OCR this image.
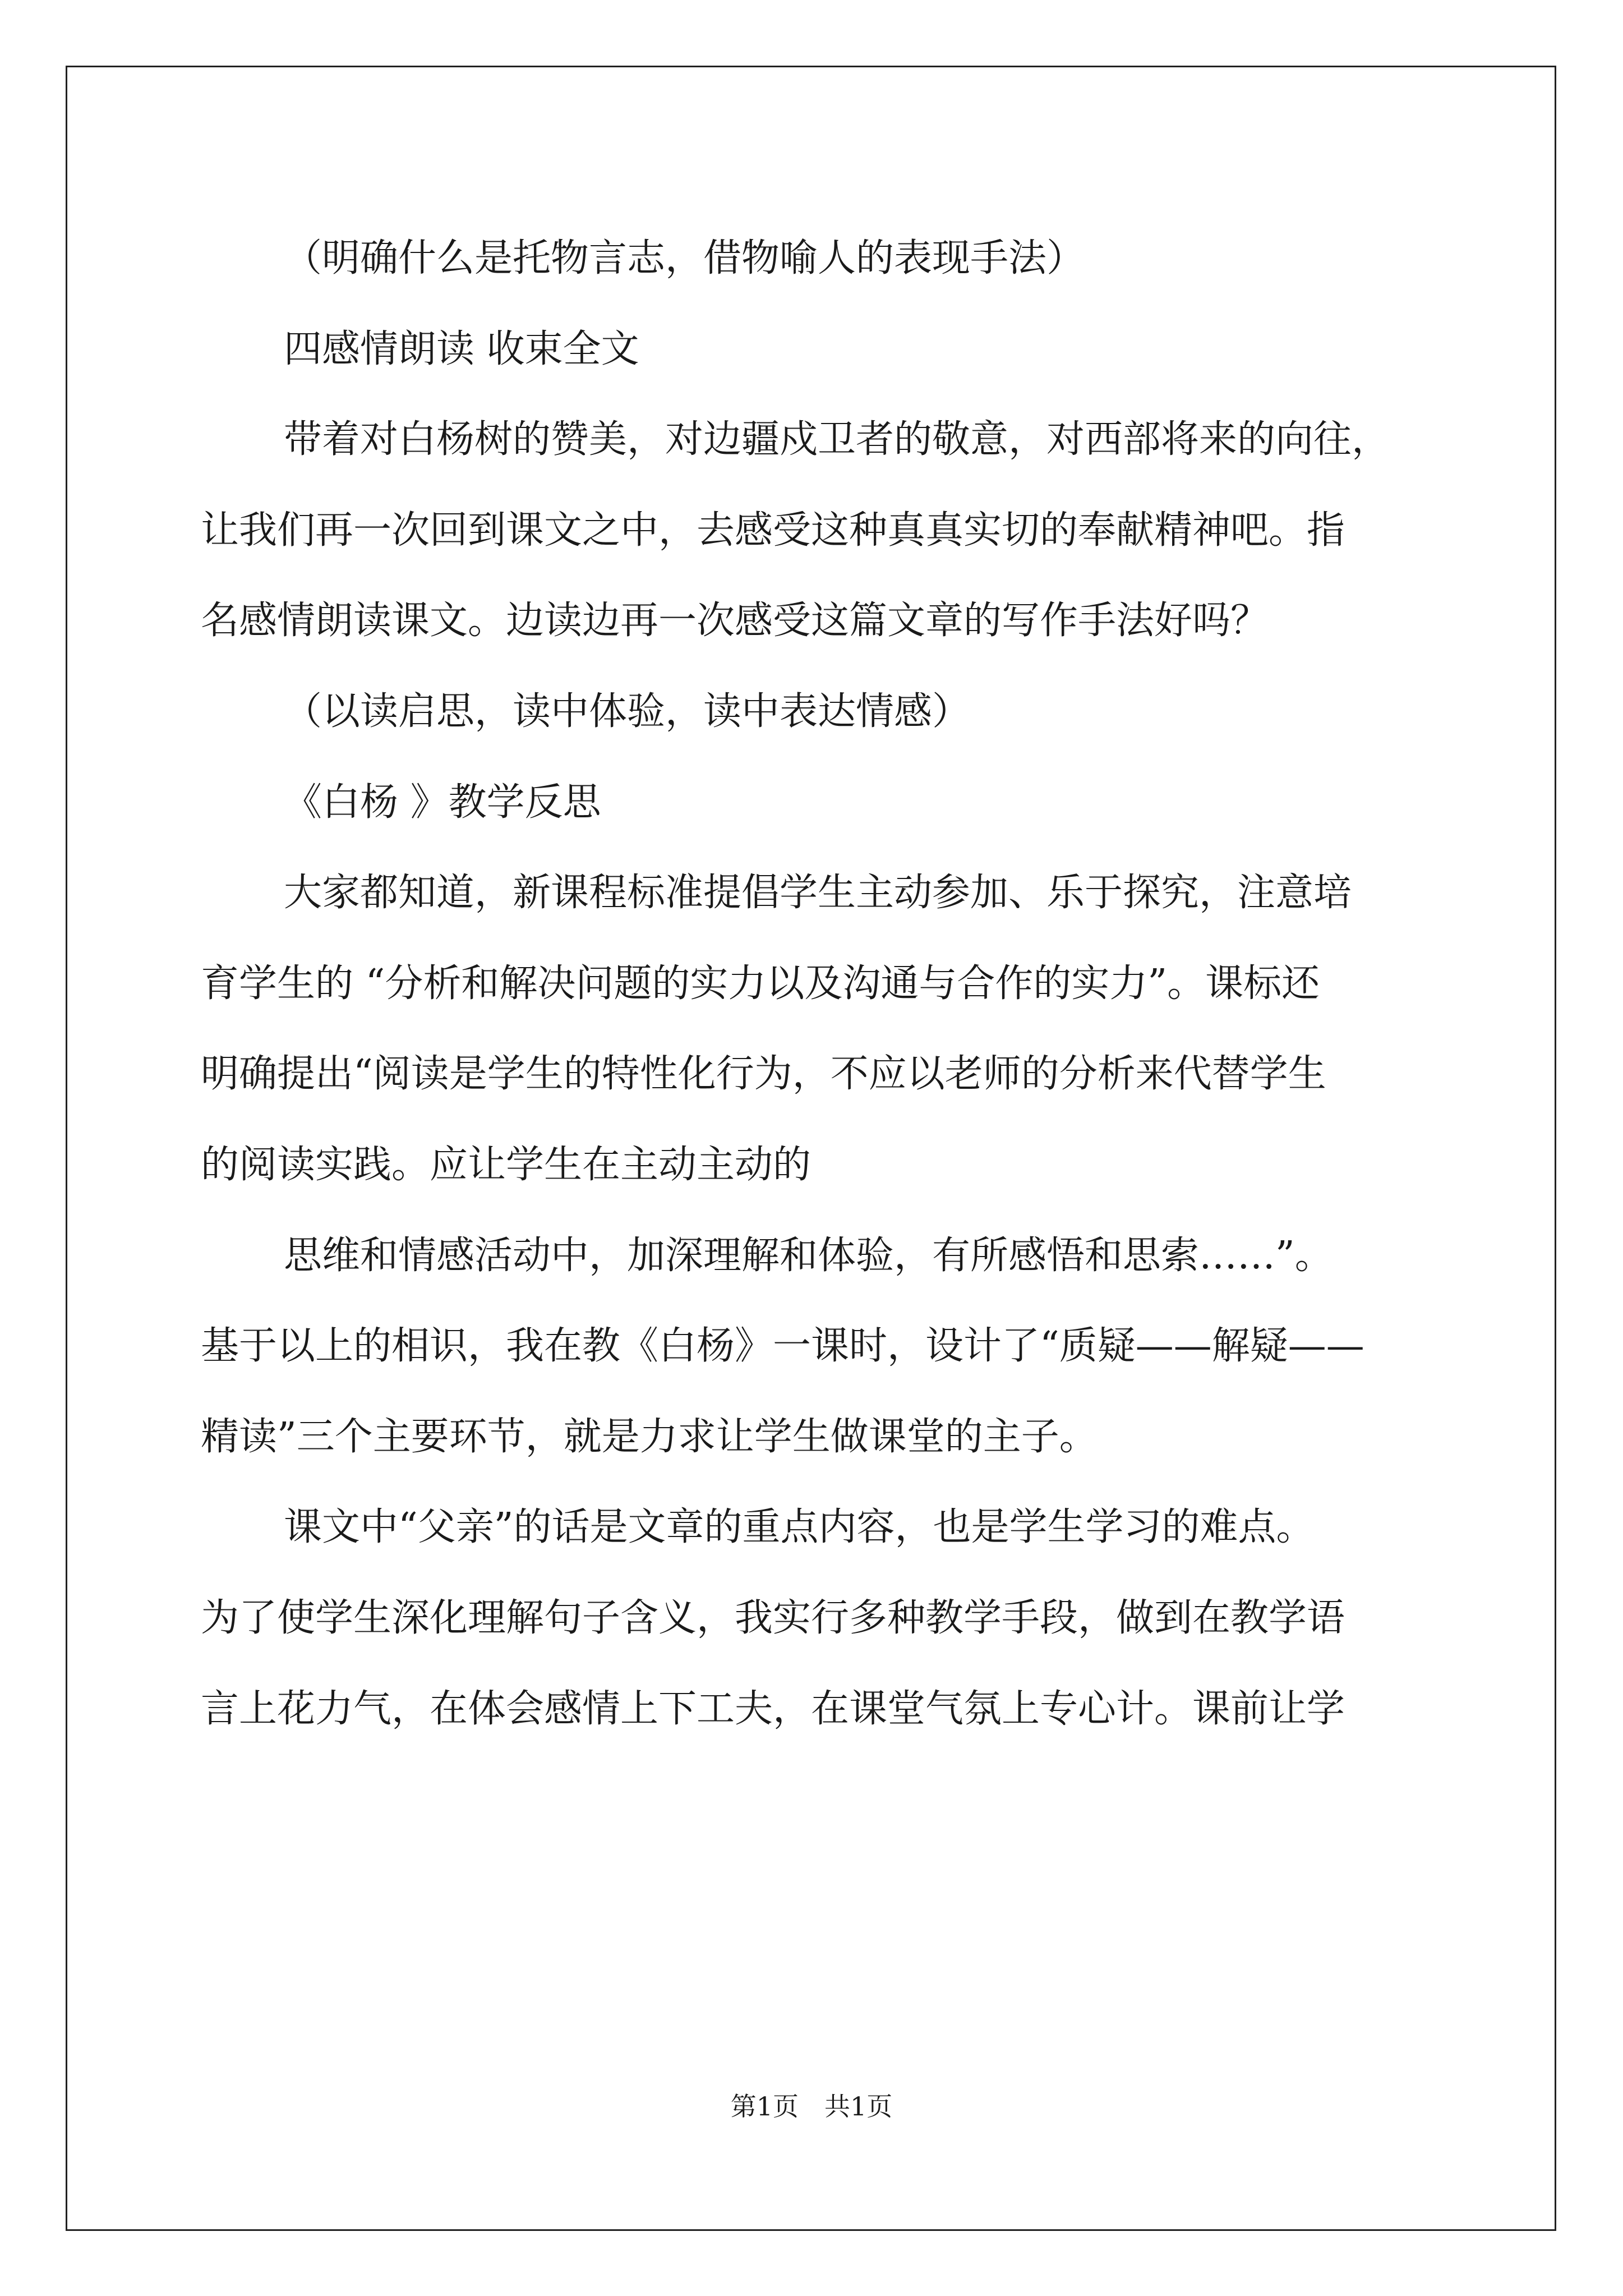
（明确什么是托物言志，借物喻人的表现手法）
四感情朗读 收束全文
带着对白杨树的赞美，对边疆戍卫者的敬意，对西部将来的向往，
让我们再一次回到课文之中，去感受这种真真实切的奉献精神吧。指
名感情朗读课文。边读边再一次感受这篇文章的写作手法好吗？
（以读启思，读中体验，读中表达情感）
《白杨 》教学反思
大家都知道，新课程标准提倡学生主动参加、乐于探究，注意培
育学生的 “分析和解决问题的实力以及沟通与合作的实力”。课标还
明确提出“阅读是学生的特性化行为，不应以老师的分析来代替学生
的阅读实践。应让学生在主动主动的
思维和情感活动中，加深理解和体验，有所感悟和思索……”。
基于以上的相识，我在教《白杨》一课时，设计了“质疑——解疑——
精读”三个主要环节，就是力求让学生做课堂的主子。
课文中“父亲”的话是文章的重点内容，也是学生学习的难点。
为了使学生深化理解句子含义，我实行多种教学手段，做到在教学语
言上花力气，在体会感情上下工夫，在课堂气氛上专心计。课前让学
第1页　共1页
